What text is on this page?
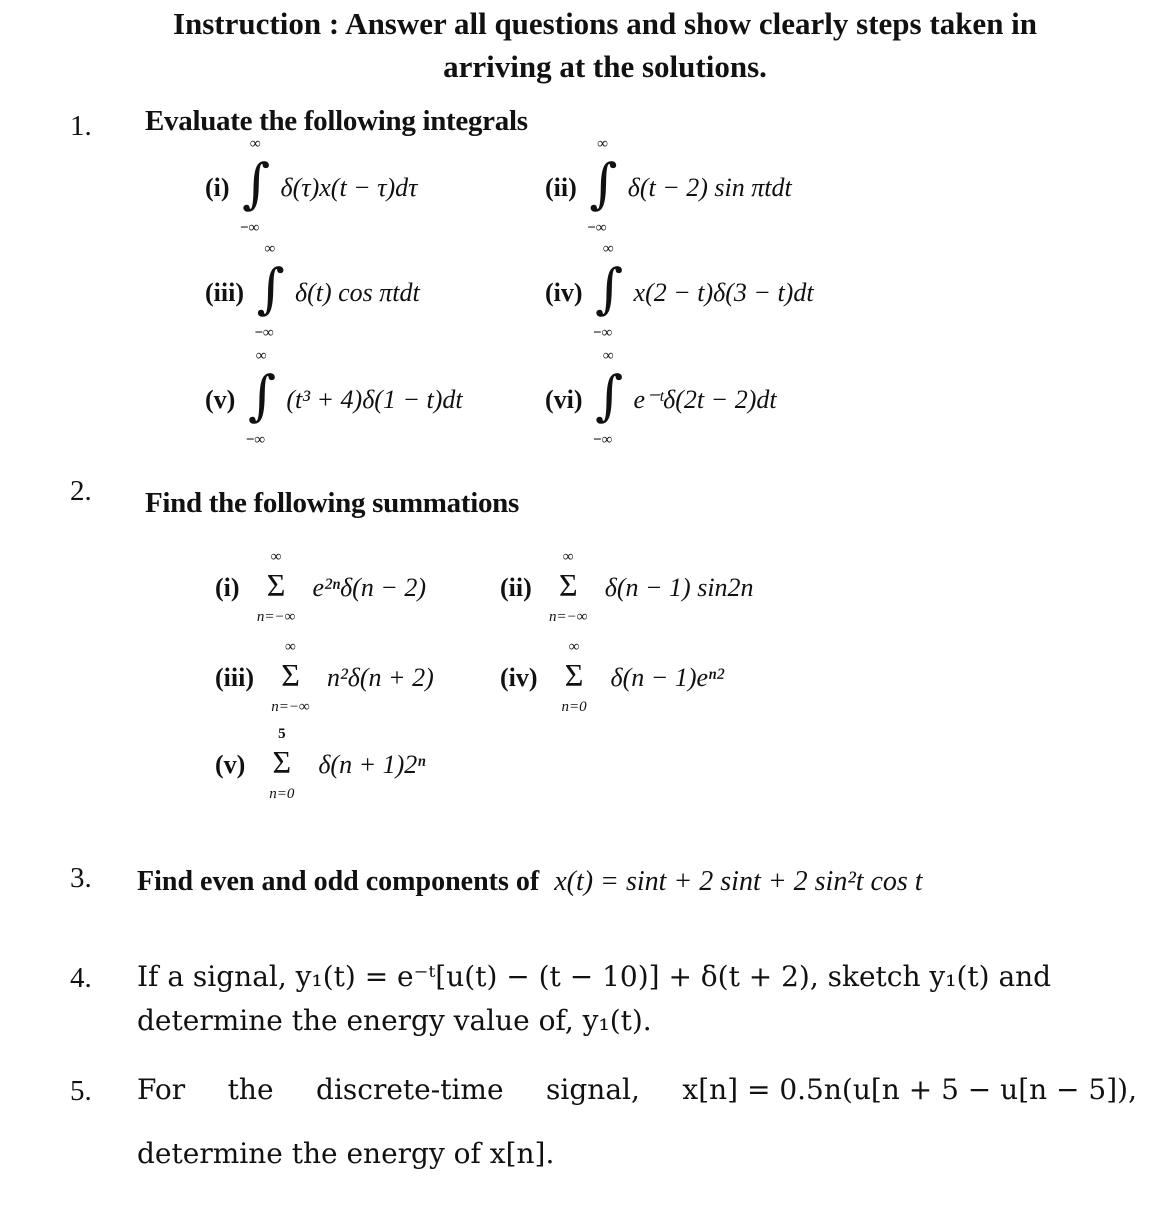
Instruction : Answer all questions and show clearly steps taken in
arriving at the solutions.
1. Evaluate the following integrals
(i)
∞
∫
−∞
δ(τ)x(t − τ)dτ	(ii)
∞
∫
−∞
δ(t − 2) sin πtdt
(iii)
∞
∫
−∞
δ(t) cos πtdt	(iv)
∞
∫
−∞
x(2 − t)δ(3 − t)dt
(v)
∞
∫
−∞
(t³ + 4)δ(1 − t)dt	(vi)
∞
∫
−∞
e⁻ᵗδ(2t − 2)dt
2. Find the following summations
(i)
∞
Σ
n=−∞
e²ⁿδ(n − 2)	(ii)
∞
Σ
n=−∞
δ(n − 1) sin2n
(iii)
∞
Σ
n=−∞
n²δ(n + 2)	(iv)
∞
Σ
n=0
δ(n − 1)eⁿ²
(v)
5
Σ
n=0
δ(n + 1)2ⁿ
3. Find even and odd components of x(t) = sint + 2 sint + 2 sin²t cos t
4. If a signal, y₁(t) = e⁻ᵗ[u(t) − (t − 10)] + δ(t + 2), sketch y₁(t) and
determine the energy value of, y₁(t).
5. For the discrete-time signal, x[n] = 0.5n(u[n + 5 − u[n − 5]),
determine the energy of x[n].
